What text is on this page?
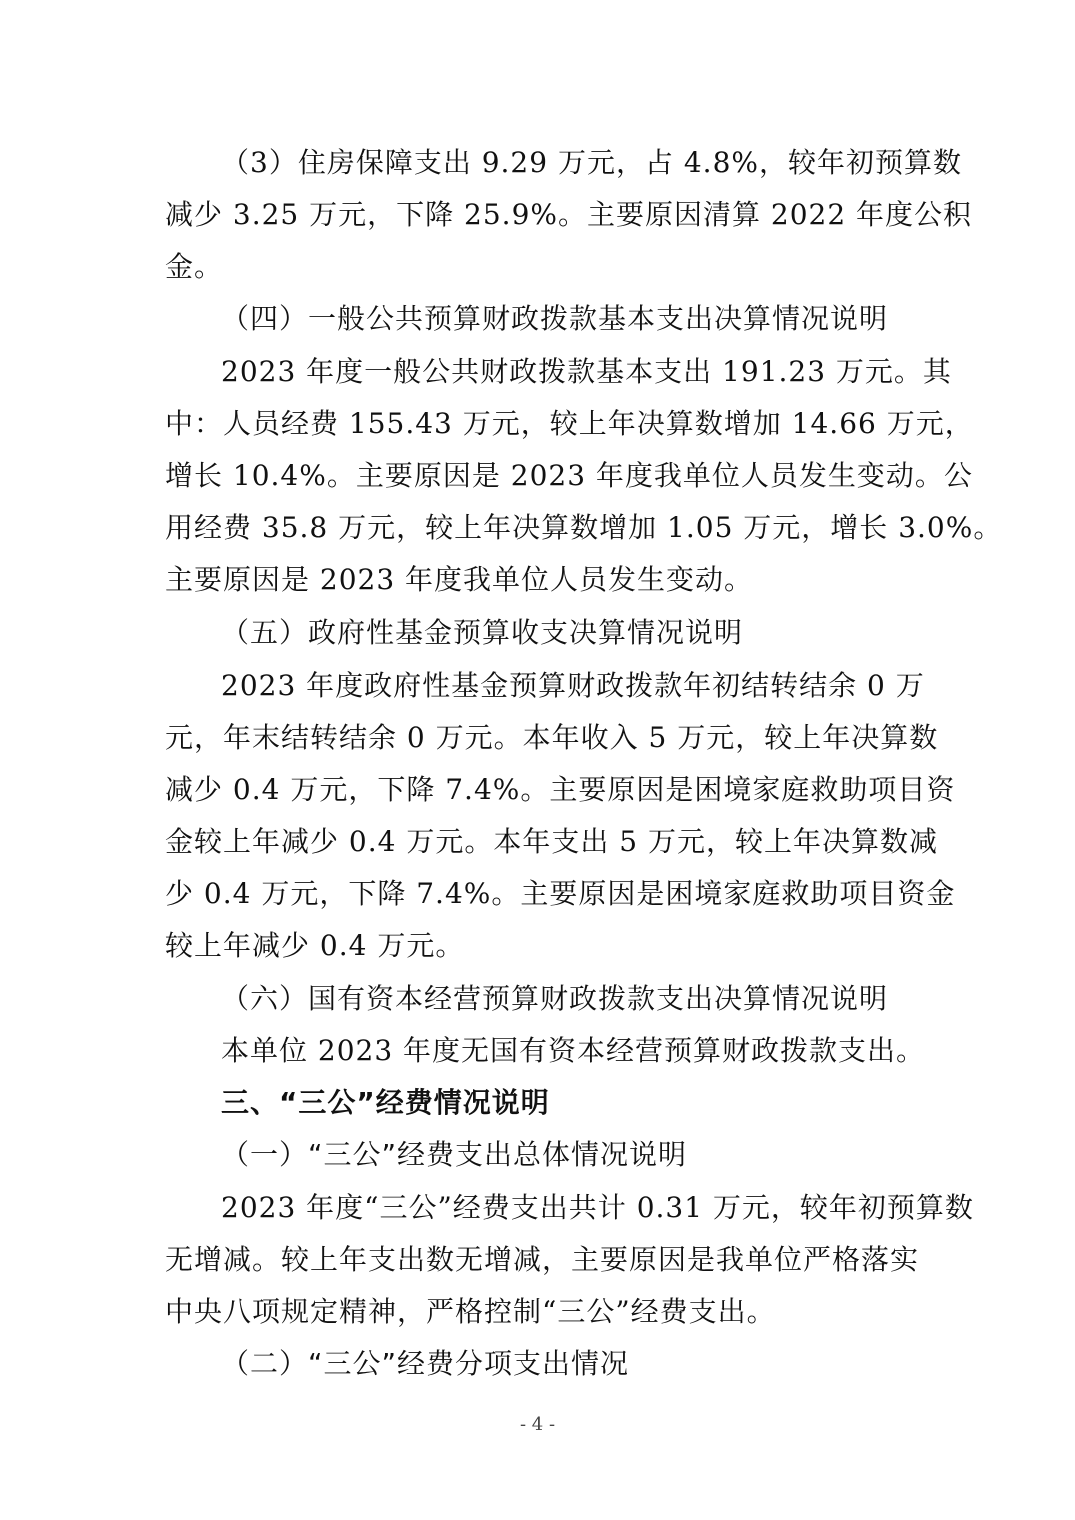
（3）住房保障支出 9.29 万元，占 4.8%，较年初预算数
减少 3.25 万元，下降 25.9%。主要原因清算 2022 年度公积
金。
（四）一般公共预算财政拨款基本支出决算情况说明
2023 年度一般公共财政拨款基本支出 191.23 万元。其
中：人员经费 155.43 万元，较上年决算数增加 14.66 万元，
增长 10.4%。主要原因是 2023 年度我单位人员发生变动。公
用经费 35.8 万元，较上年决算数增加 1.05 万元，增长 3.0%。
主要原因是 2023 年度我单位人员发生变动。
（五）政府性基金预算收支决算情况说明
2023 年度政府性基金预算财政拨款年初结转结余 0 万
元，年末结转结余 0 万元。本年收入 5 万元，较上年决算数
减少 0.4 万元，下降 7.4%。主要原因是困境家庭救助项目资
金较上年减少 0.4 万元。本年支出 5 万元，较上年决算数减
少 0.4 万元，下降 7.4%。主要原因是困境家庭救助项目资金
较上年减少 0.4 万元。
（六）国有资本经营预算财政拨款支出决算情况说明
本单位 2023 年度无国有资本经营预算财政拨款支出。
三、“三公”经费情况说明
（一）“三公”经费支出总体情况说明
2023 年度“三公”经费支出共计 0.31 万元，较年初预算数
无增减。较上年支出数无增减，主要原因是我单位严格落实
中央八项规定精神，严格控制“三公”经费支出。
（二）“三公”经费分项支出情况
- 4 -
